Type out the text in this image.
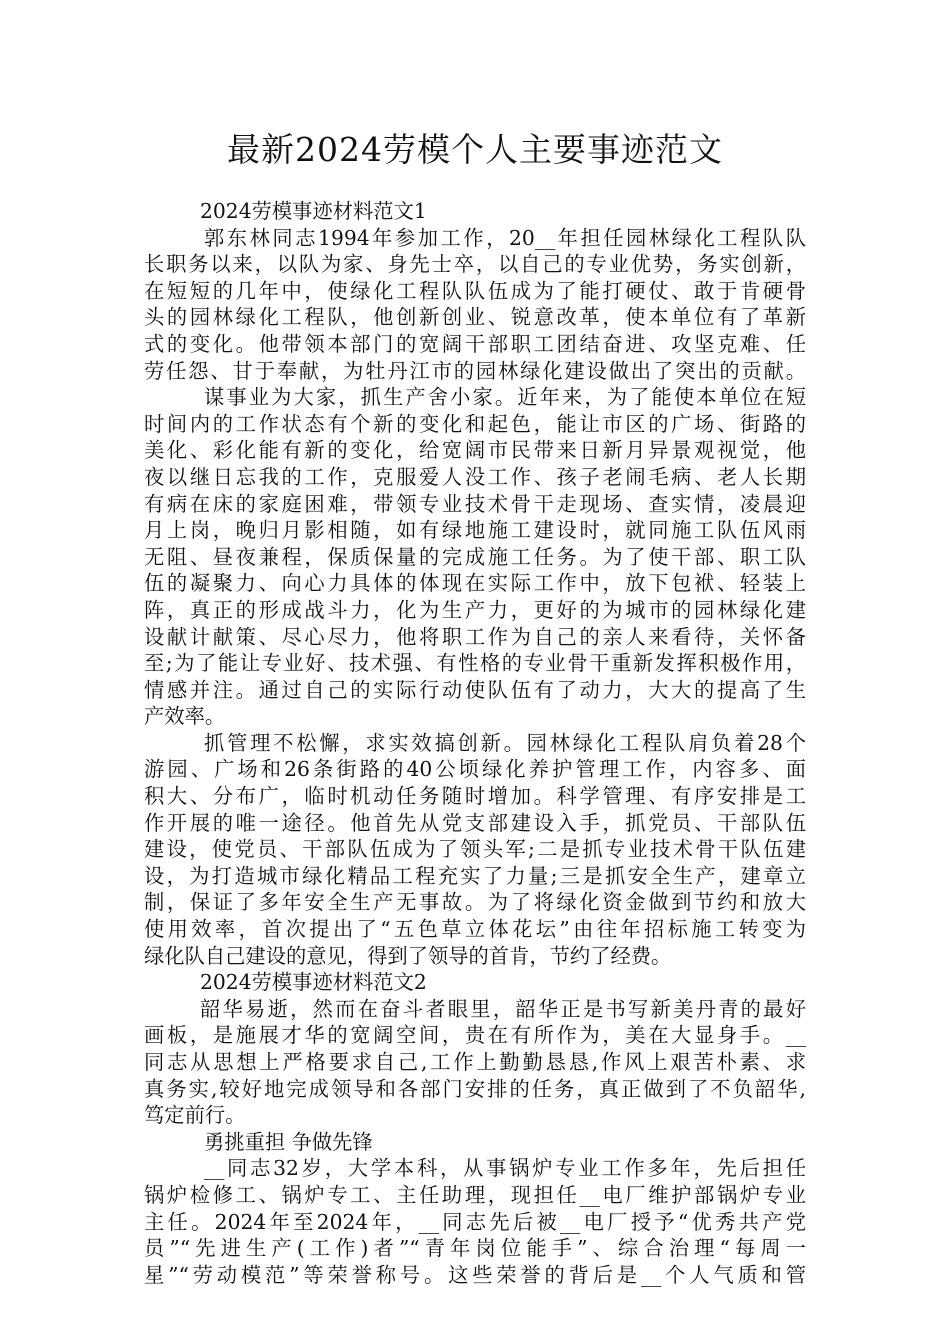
最新2024劳模个人主要事迹范文
2024劳模事迹材料范文1
郭东林同志1994年参加工作，20__年担任园林绿化工程队队
长职务以来，以队为家、身先士卒，以自己的专业优势，务实创新，
在短短的几年中，使绿化工程队队伍成为了能打硬仗、敢于肯硬骨
头的园林绿化工程队，他创新创业、锐意改革，使本单位有了革新
式的变化。他带领本部门的宽阔干部职工团结奋进、攻坚克难、任
劳任怨、甘于奉献，为牡丹江市的园林绿化建设做出了突出的贡献。
谋事业为大家，抓生产舍小家。近年来，为了能使本单位在短
时间内的工作状态有个新的变化和起色，能让市区的广场、街路的
美化、彩化能有新的变化，给宽阔市民带来日新月异景观视觉，他
夜以继日忘我的工作，克服爱人没工作、孩子老闹毛病、老人长期
有病在床的家庭困难，带领专业技术骨干走现场、查实情，凌晨迎
月上岗，晚归月影相随，如有绿地施工建设时，就同施工队伍风雨
无阻、昼夜兼程，保质保量的完成施工任务。为了使干部、职工队
伍的凝聚力、向心力具体的体现在实际工作中，放下包袱、轻装上
阵，真正的形成战斗力，化为生产力，更好的为城市的园林绿化建
设献计献策、尽心尽力，他将职工作为自己的亲人来看待，关怀备
至;为了能让专业好、技术强、有性格的专业骨干重新发挥积极作用，
情感并注。通过自己的实际行动使队伍有了动力，大大的提高了生
产效率。
抓管理不松懈，求实效搞创新。园林绿化工程队肩负着28个
游园、广场和26条街路的40公顷绿化养护管理工作，内容多、面
积大、分布广，临时机动任务随时增加。科学管理、有序安排是工
作开展的唯一途径。他首先从党支部建设入手，抓党员、干部队伍
建设，使党员、干部队伍成为了领头军;二是抓专业技术骨干队伍建
设，为打造城市绿化精品工程充实了力量;三是抓安全生产，建章立
制，保证了多年安全生产无事故。为了将绿化资金做到节约和放大
使用效率，首次提出了“五色草立体花坛”由往年招标施工转变为
绿化队自己建设的意见，得到了领导的首肯，节约了经费。
2024劳模事迹材料范文2
韶华易逝，然而在奋斗者眼里，韶华正是书写新美丹青的最好
画板，是施展才华的宽阔空间，贵在有所作为，美在大显身手。__
同志从思想上严格要求自己,工作上勤勤恳恳,作风上艰苦朴素、求
真务实,较好地完成领导和各部门安排的任务，真正做到了不负韶华,
笃定前行。
勇挑重担 争做先锋
__同志32岁，大学本科，从事锅炉专业工作多年，先后担任
锅炉检修工、锅炉专工、主任助理，现担任__电厂维护部锅炉专业
主任。2024年至2024年，__同志先后被__电厂授予“优秀共产党
员”“先进生产(工作)者”“青年岗位能手”、综合治理“每周一
星”“劳动模范”等荣誉称号。这些荣誉的背后是__个人气质和管
